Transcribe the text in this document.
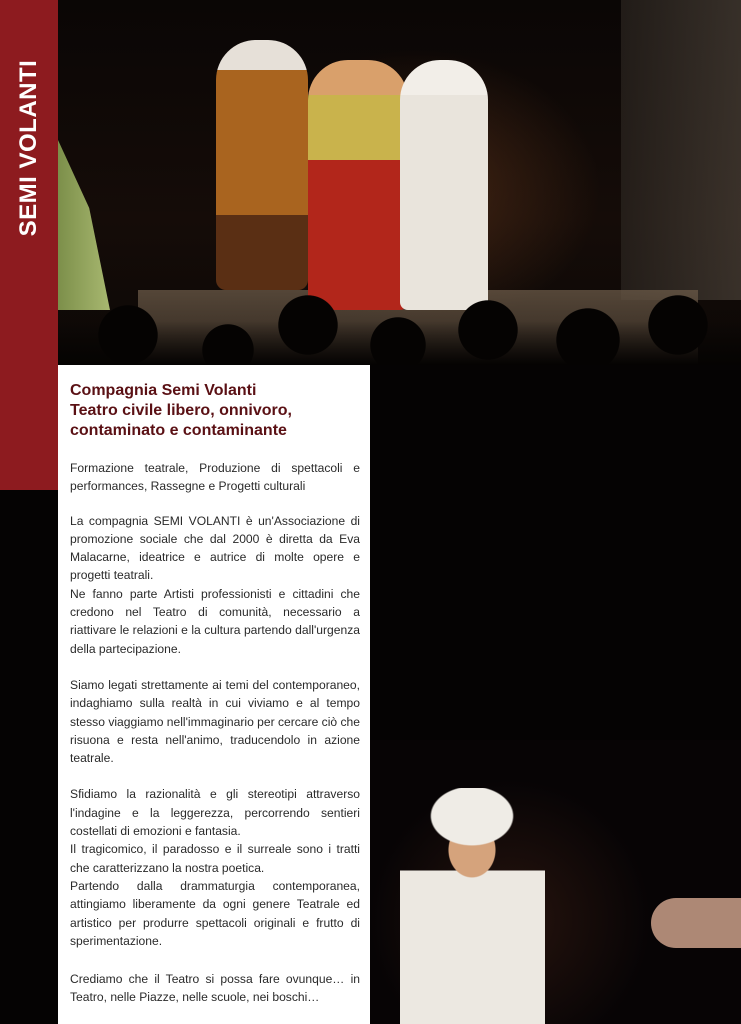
SEMI VOLANTI
Compagnia Semi Volanti
Teatro civile libero, onnivoro,
contaminato e contaminante

Formazione teatrale, Produzione di spettacoli e performances, Rassegne e Progetti culturali

La compagnia SEMI VOLANTI è un'Associazione di promozione sociale che dal 2000 è diretta da Eva Malacarne, ideatrice e autrice di molte opere e progetti teatrali.
Ne fanno parte Artisti professionisti e cittadini che credono nel Teatro di comunità, necessario a riattivare le relazioni e la cultura partendo dall'urgenza della partecipazione.

Siamo legati strettamente ai temi del contemporaneo, indaghiamo sulla realtà in cui viviamo e al tempo stesso viaggiamo nell'immaginario per cercare ciò che risuona e resta nell'animo, traducendolo in azione teatrale.

Sfidiamo la razionalità e gli stereotipi attraverso l'indagine e la leggerezza, percorrendo sentieri costellati di emozioni e fantasia.
Il tragicomico, il paradosso e il surreale sono i tratti che caratterizzano la nostra poetica.
Partendo dalla drammaturgia contemporanea, attingiamo liberamente da ogni genere Teatrale ed artistico per produrre spettacoli originali e frutto di sperimentazione.

Crediamo che il Teatro si possa fare ovunque… in Teatro, nelle Piazze, nelle scuole, nei boschi…
